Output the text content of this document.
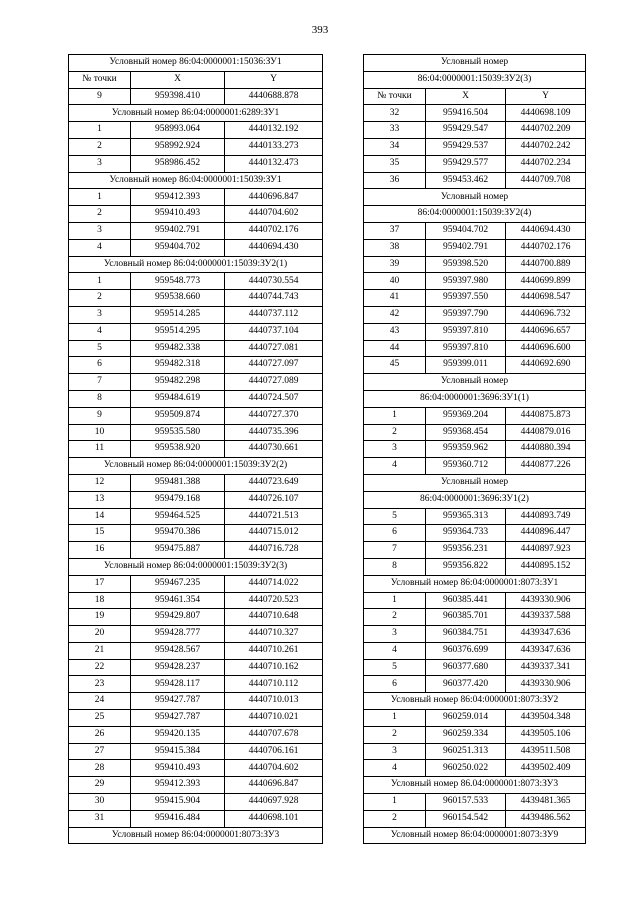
393
Условный номер 86:04:0000001:15036:ЗУ1		
№ точки	X	Y
9	959398.410	4440688.878
Условный номер 86:04:0000001:6289:ЗУ1		
1	958993.064	4440132.192
2	958992.924	4440133.273
3	958986.452	4440132.473
Условный номер 86:04:0000001:15039:ЗУ1		
1	959412.393	4440696.847
2	959410.493	4440704.602
3	959402.791	4440702.176
4	959404.702	4440694.430
Условный номер 86:04:0000001:15039:ЗУ2(1)		
1	959548.773	4440730.554
2	959538.660	4440744.743
3	959514.285	4440737.112
4	959514.295	4440737.104
5	959482.338	4440727.081
6	959482.318	4440727.097
7	959482.298	4440727.089
8	959484.619	4440724.507
9	959509.874	4440727.370
10	959535.580	4440735.396
11	959538.920	4440730.661
Условный номер 86:04:0000001:15039:ЗУ2(2)		
12	959481.388	4440723.649
13	959479.168	4440726.107
14	959464.525	4440721.513
15	959470.386	4440715.012
16	959475.887	4440716.728
Условный номер 86:04:0000001:15039:ЗУ2(3)		
17	959467.235	4440714.022
18	959461.354	4440720.523
19	959429.807	4440710.648
20	959428.777	4440710.327
21	959428.567	4440710.261
22	959428.237	4440710.162
23	959428.117	4440710.112
24	959427.787	4440710.013
25	959427.787	4440710.021
26	959420.135	4440707.678
27	959415.384	4440706.161
28	959410.493	4440704.602
29	959412.393	4440696.847
30	959415.904	4440697.928
31	959416.484	4440698.101
Условный номер 86:04:0000001:8073:ЗУ3		
Условный номер		
86:04:0000001:15039:ЗУ2(3)		
№ точки	X	Y
32	959416.504	4440698.109
33	959429.547	4440702.209
34	959429.537	4440702.242
35	959429.577	4440702.234
36	959453.462	4440709.708
Условный номер		
86:04:0000001:15039:ЗУ2(4)		
37	959404.702	4440694.430
38	959402.791	4440702.176
39	959398.520	4440700.889
40	959397.980	4440699.899
41	959397.550	4440698.547
42	959397.790	4440696.732
43	959397.810	4440696.657
44	959397.810	4440696.600
45	959399.011	4440692.690
Условный номер		
86:04:0000001:3696:ЗУ1(1)		
1	959369.204	4440875.873
2	959368.454	4440879.016
3	959359.962	4440880.394
4	959360.712	4440877.226
Условный номер		
86:04:0000001:3696:ЗУ1(2)		
5	959365.313	4440893.749
6	959364.733	4440896.447
7	959356.231	4440897.923
8	959356.822	4440895.152
Условный номер 86:04:0000001:8073:ЗУ1		
1	960385.441	4439330.906
2	960385.701	4439337.588
3	960384.751	4439347.636
4	960376.699	4439347.636
5	960377.680	4439337.341
6	960377.420	4439330.906
Условный номер 86:04:0000001:8073:ЗУ2		
1	960259.014	4439504.348
2	960259.334	4439505.106
3	960251.313	4439511.508
4	960250.022	4439502.409
Условный номер 86.04:0000001:8073:ЗУ3		
1	960157.533	4439481.365
2	960154.542	4439486.562
Условный номер 86:04:0000001:8073:ЗУ9		
